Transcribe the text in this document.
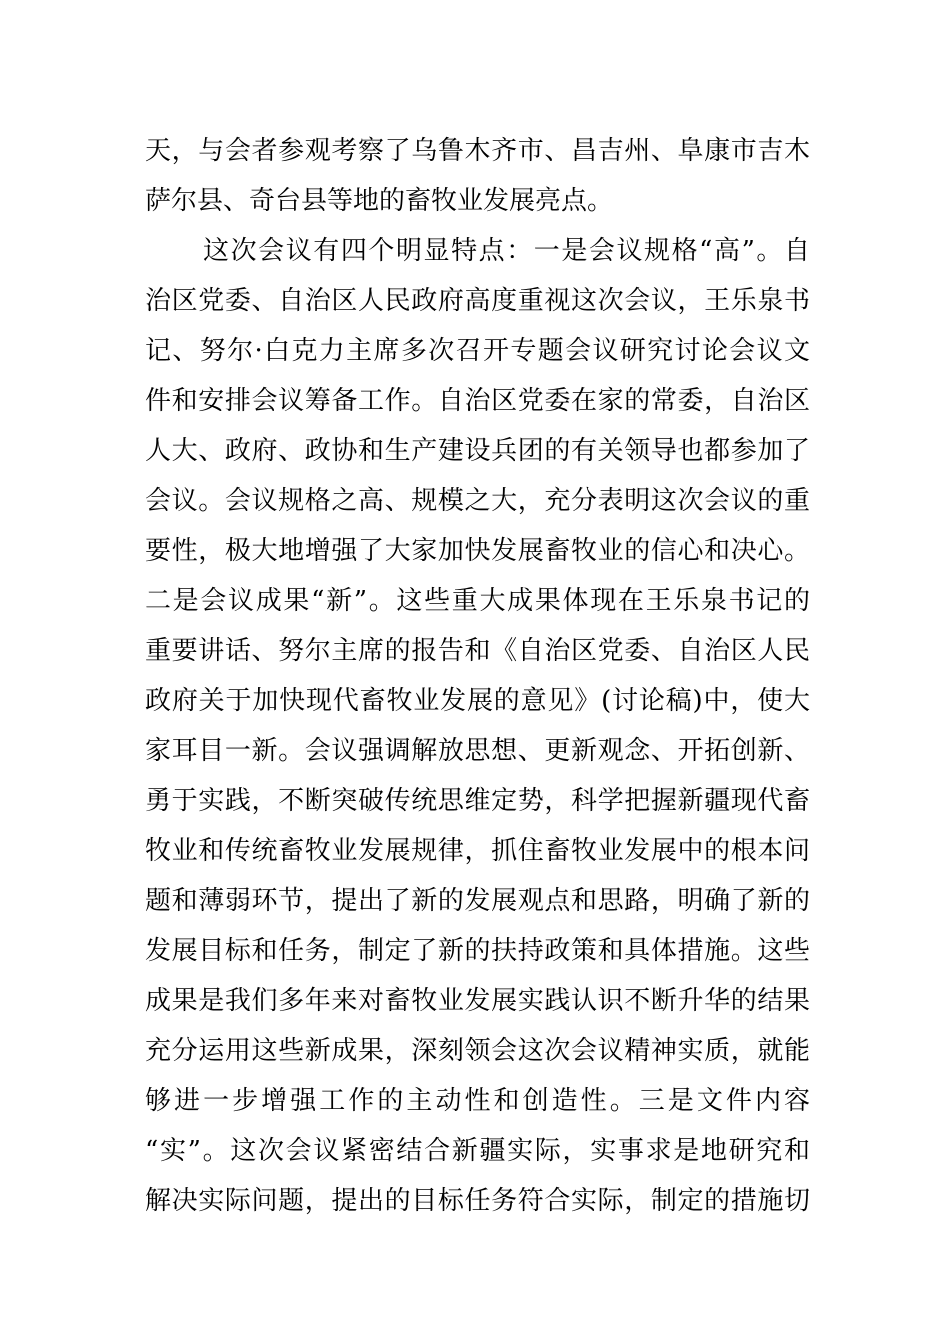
天，与会者参观考察了乌鲁木齐市、昌吉州、阜康市吉木
萨尔县、奇台县等地的畜牧业发展亮点。
这次会议有四个明显特点：一是会议规格“高”。自
治区党委、自治区人民政府高度重视这次会议，王乐泉书
记、努尔·白克力主席多次召开专题会议研究讨论会议文
件和安排会议筹备工作。自治区党委在家的常委，自治区
人大、政府、政协和生产建设兵团的有关领导也都参加了
会议。会议规格之高、规模之大，充分表明这次会议的重
要性，极大地增强了大家加快发展畜牧业的信心和决心。
二是会议成果“新”。这些重大成果体现在王乐泉书记的
重要讲话、努尔主席的报告和《自治区党委、自治区人民
政府关于加快现代畜牧业发展的意见》(讨论稿)中，使大
家耳目一新。会议强调解放思想、更新观念、开拓创新、
勇于实践，不断突破传统思维定势，科学把握新疆现代畜
牧业和传统畜牧业发展规律，抓住畜牧业发展中的根本问
题和薄弱环节，提出了新的发展观点和思路，明确了新的
发展目标和任务，制定了新的扶持政策和具体措施。这些
成果是我们多年来对畜牧业发展实践认识不断升华的结果
充分运用这些新成果，深刻领会这次会议精神实质，就能
够进一步增强工作的主动性和创造性。三是文件内容
“实”。这次会议紧密结合新疆实际，实事求是地研究和
解决实际问题，提出的目标任务符合实际，制定的措施切
